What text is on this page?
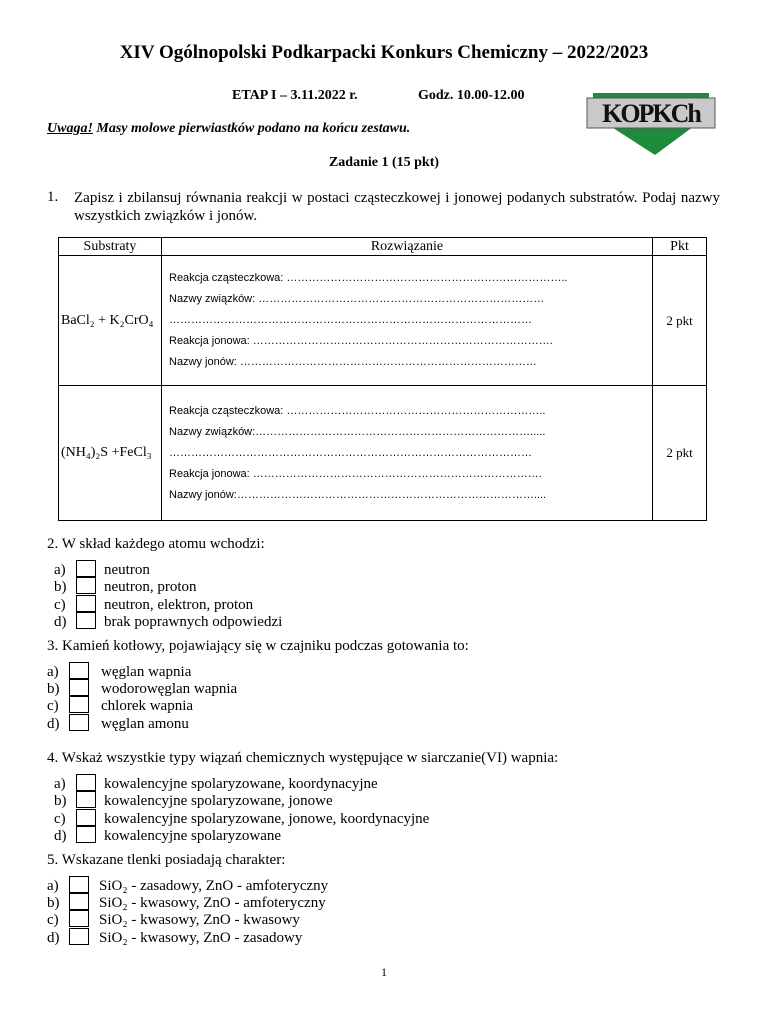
XIV Ogólnopolski Podkarpacki Konkurs Chemiczny – 2022/2023
ETAP I – 3.11.2022 r.	Godz. 10.00-12.00
Uwaga! Masy molowe pierwiastków podano na końcu zestawu.
KOPKCh
Zadanie 1 (15 pkt)
1. Zapisz i zbilansuj równania reakcji w postaci cząsteczkowej i jonowej podanych substratów. Podaj nazwy wszystkich związków i jonów.
Substraty	Rozwiązanie	Pkt
BaCl₂ + K₂CrO₄	Reakcja cząsteczkowa: …………………………………………………………………..
Nazwy związków: ……………………………………………………………………
………………………………………………………………………………………
Reakcja jonowa: ……………………………………………………………………….
Nazwy jonów: ………………………………………………………………………	2 pkt
(NH₄)₂S +FeCl₃	Reakcja cząsteczkowa: ……………………………………………………………..
Nazwy związków:………………………………………………………………….....
………………………………………………………………………………………
Reakcja jonowa: …………………………………………………………………….
Nazwy jonów:………………………………………………………………………....	2 pkt
2. W skład każdego atomu wchodzi:
a)	neutron
b)	neutron, proton
c)	neutron, elektron, proton
d)	brak poprawnych odpowiedzi
3. Kamień kotłowy, pojawiający się w czajniku podczas gotowania to:
a)	węglan wapnia
b)	wodorowęglan wapnia
c)	chlorek wapnia
d)	węglan amonu
4. Wskaż wszystkie typy wiązań chemicznych występujące w siarczanie(VI) wapnia:
a)	kowalencyjne spolaryzowane, koordynacyjne
b)	kowalencyjne spolaryzowane, jonowe
c)	kowalencyjne spolaryzowane, jonowe, koordynacyjne
d)	kowalencyjne spolaryzowane
5. Wskazane tlenki posiadają charakter:
a)	SiO₂ - zasadowy, ZnO - amfoteryczny
b)	SiO₂ - kwasowy, ZnO - amfoteryczny
c)	SiO₂ - kwasowy, ZnO - kwasowy
d)	SiO₂ - kwasowy, ZnO - zasadowy
1
